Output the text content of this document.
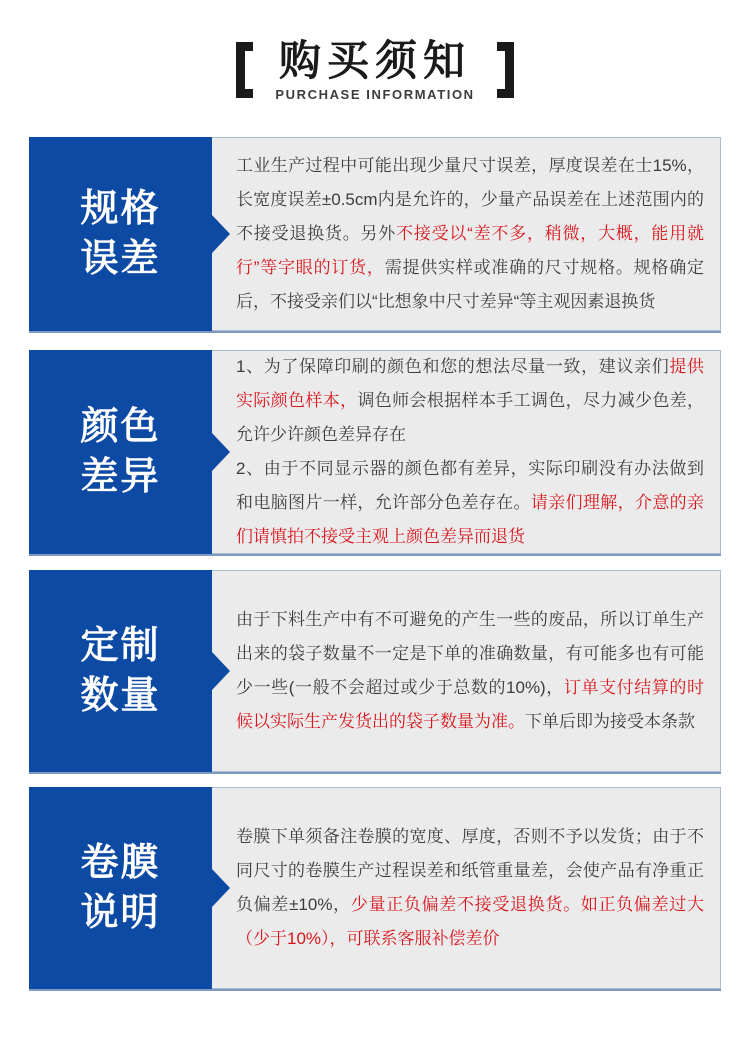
购买须知
PURCHASE INFORMATION
规格
误差

工业生产过程中可能出现少量尺寸误差，厚度误差在士15%，长宽度误差±0.5cm内是允许的，少量产品误差在上述范围内的不接受退换货。另外不接受以“差不多，稍微，大概，能用就行”等字眼的订货，需提供实样或准确的尺寸规格。规格确定后，不接受亲们以“比想象中尺寸差异“等主观因素退换货

颜色
差异

1、为了保障印刷的颜色和您的想法尽量一致，建议亲们提供实际颜色样本，调色师会根据样本手工调色，尽力减少色差，允许少许颜色差异存在

2、由于不同显示器的颜色都有差异，实际印刷没有办法做到和电脑图片一样，允许部分色差存在。请亲们理解，介意的亲们请慎拍不接受主观上颜色差异而退货

定制
数量

由于下料生产中有不可避免的产生一些的废品，所以订单生产出来的袋子数量不一定是下单的准确数量，有可能多也有可能少一些(一般不会超过或少于总数的10%)，订单支付结算的时候以实际生产发货出的袋子数量为准。下单后即为接受本条款

卷膜
说明

卷膜下单须备注卷膜的宽度、厚度，否则不予以发货；由于不同尺寸的卷膜生产过程误差和纸管重量差，会使产品有净重正负偏差±10%，少量正负偏差不接受退换货。如正负偏差过大（少于10%），可联系客服补偿差价
